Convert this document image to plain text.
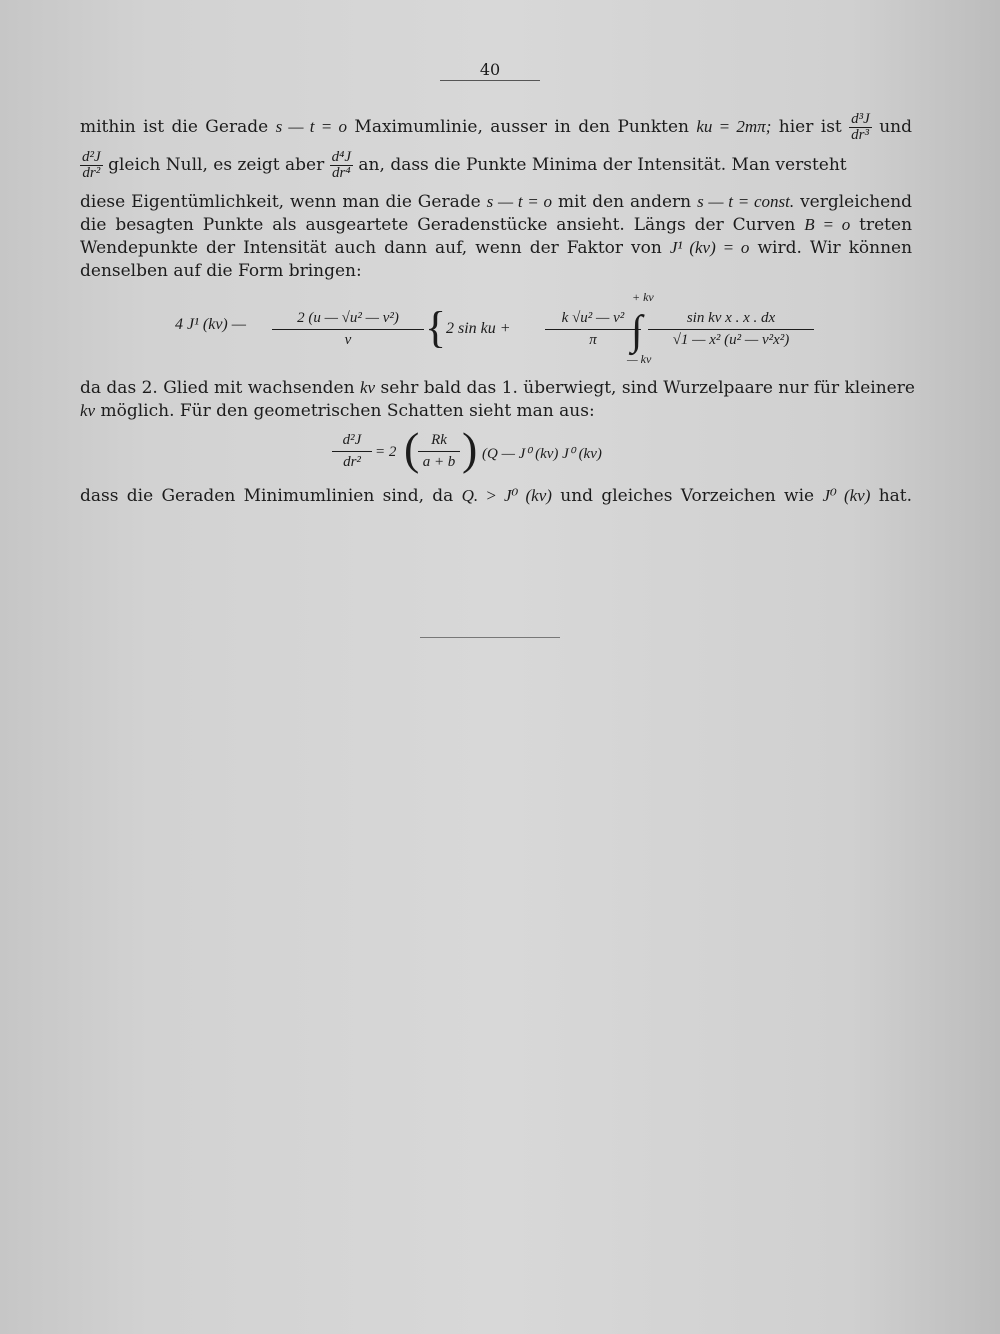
40
mithin ist die Gerade s — t = o Maximumlinie, ausser in den Punkten ku = 2mπ; hier ist $\frac{\text{d³J}}{\text{dr³}}$ und
$\frac{\text{d²J}}{\text{dr²}}$ gleich Null, es zeigt aber $\frac{\text{d⁴J}}{\text{dr⁴}}$ an, dass die Punkte Minima der Intensität. Man versteht
diese Eigentümlichkeit, wenn man die Gerade s — t = o mit den andern s — t = const. vergleichend
die besagten Punkte als ausgeartete Geradenstücke ansieht. Längs der Curven B = o treten
Wendepunkte der Intensität auch dann auf, wenn der Faktor von J¹ (kv) = o wird. Wir können
denselben auf die Form bringen:
4 J¹ (kv) — $\frac{\text{2 (u — √u² — v²)}}{v}$ { 2 sin ku + $\frac{\text{k √u² — v²}}{\pi}$
+ kv
∫
— kv
$\frac{\text{sin kv x . x . dx}}{\text{√1 — x² (u² — v²x²)}}$
da das 2. Glied mit wachsenden kv sehr bald das 1. überwiegt, sind Wurzelpaare nur für kleinere
kv möglich. Für den geometrischen Schatten sieht man aus:
$\frac{\text{d²J}}{\text{dr²}} = 2$ (
$\frac{Rk}{a + b}$ ) (Q — J⁰ (kv) J⁰ (kv)
dass die Geraden Minimumlinien sind, da Q. > J⁰ (kv) und gleiches Vorzeichen wie J⁰ (kv) hat.
